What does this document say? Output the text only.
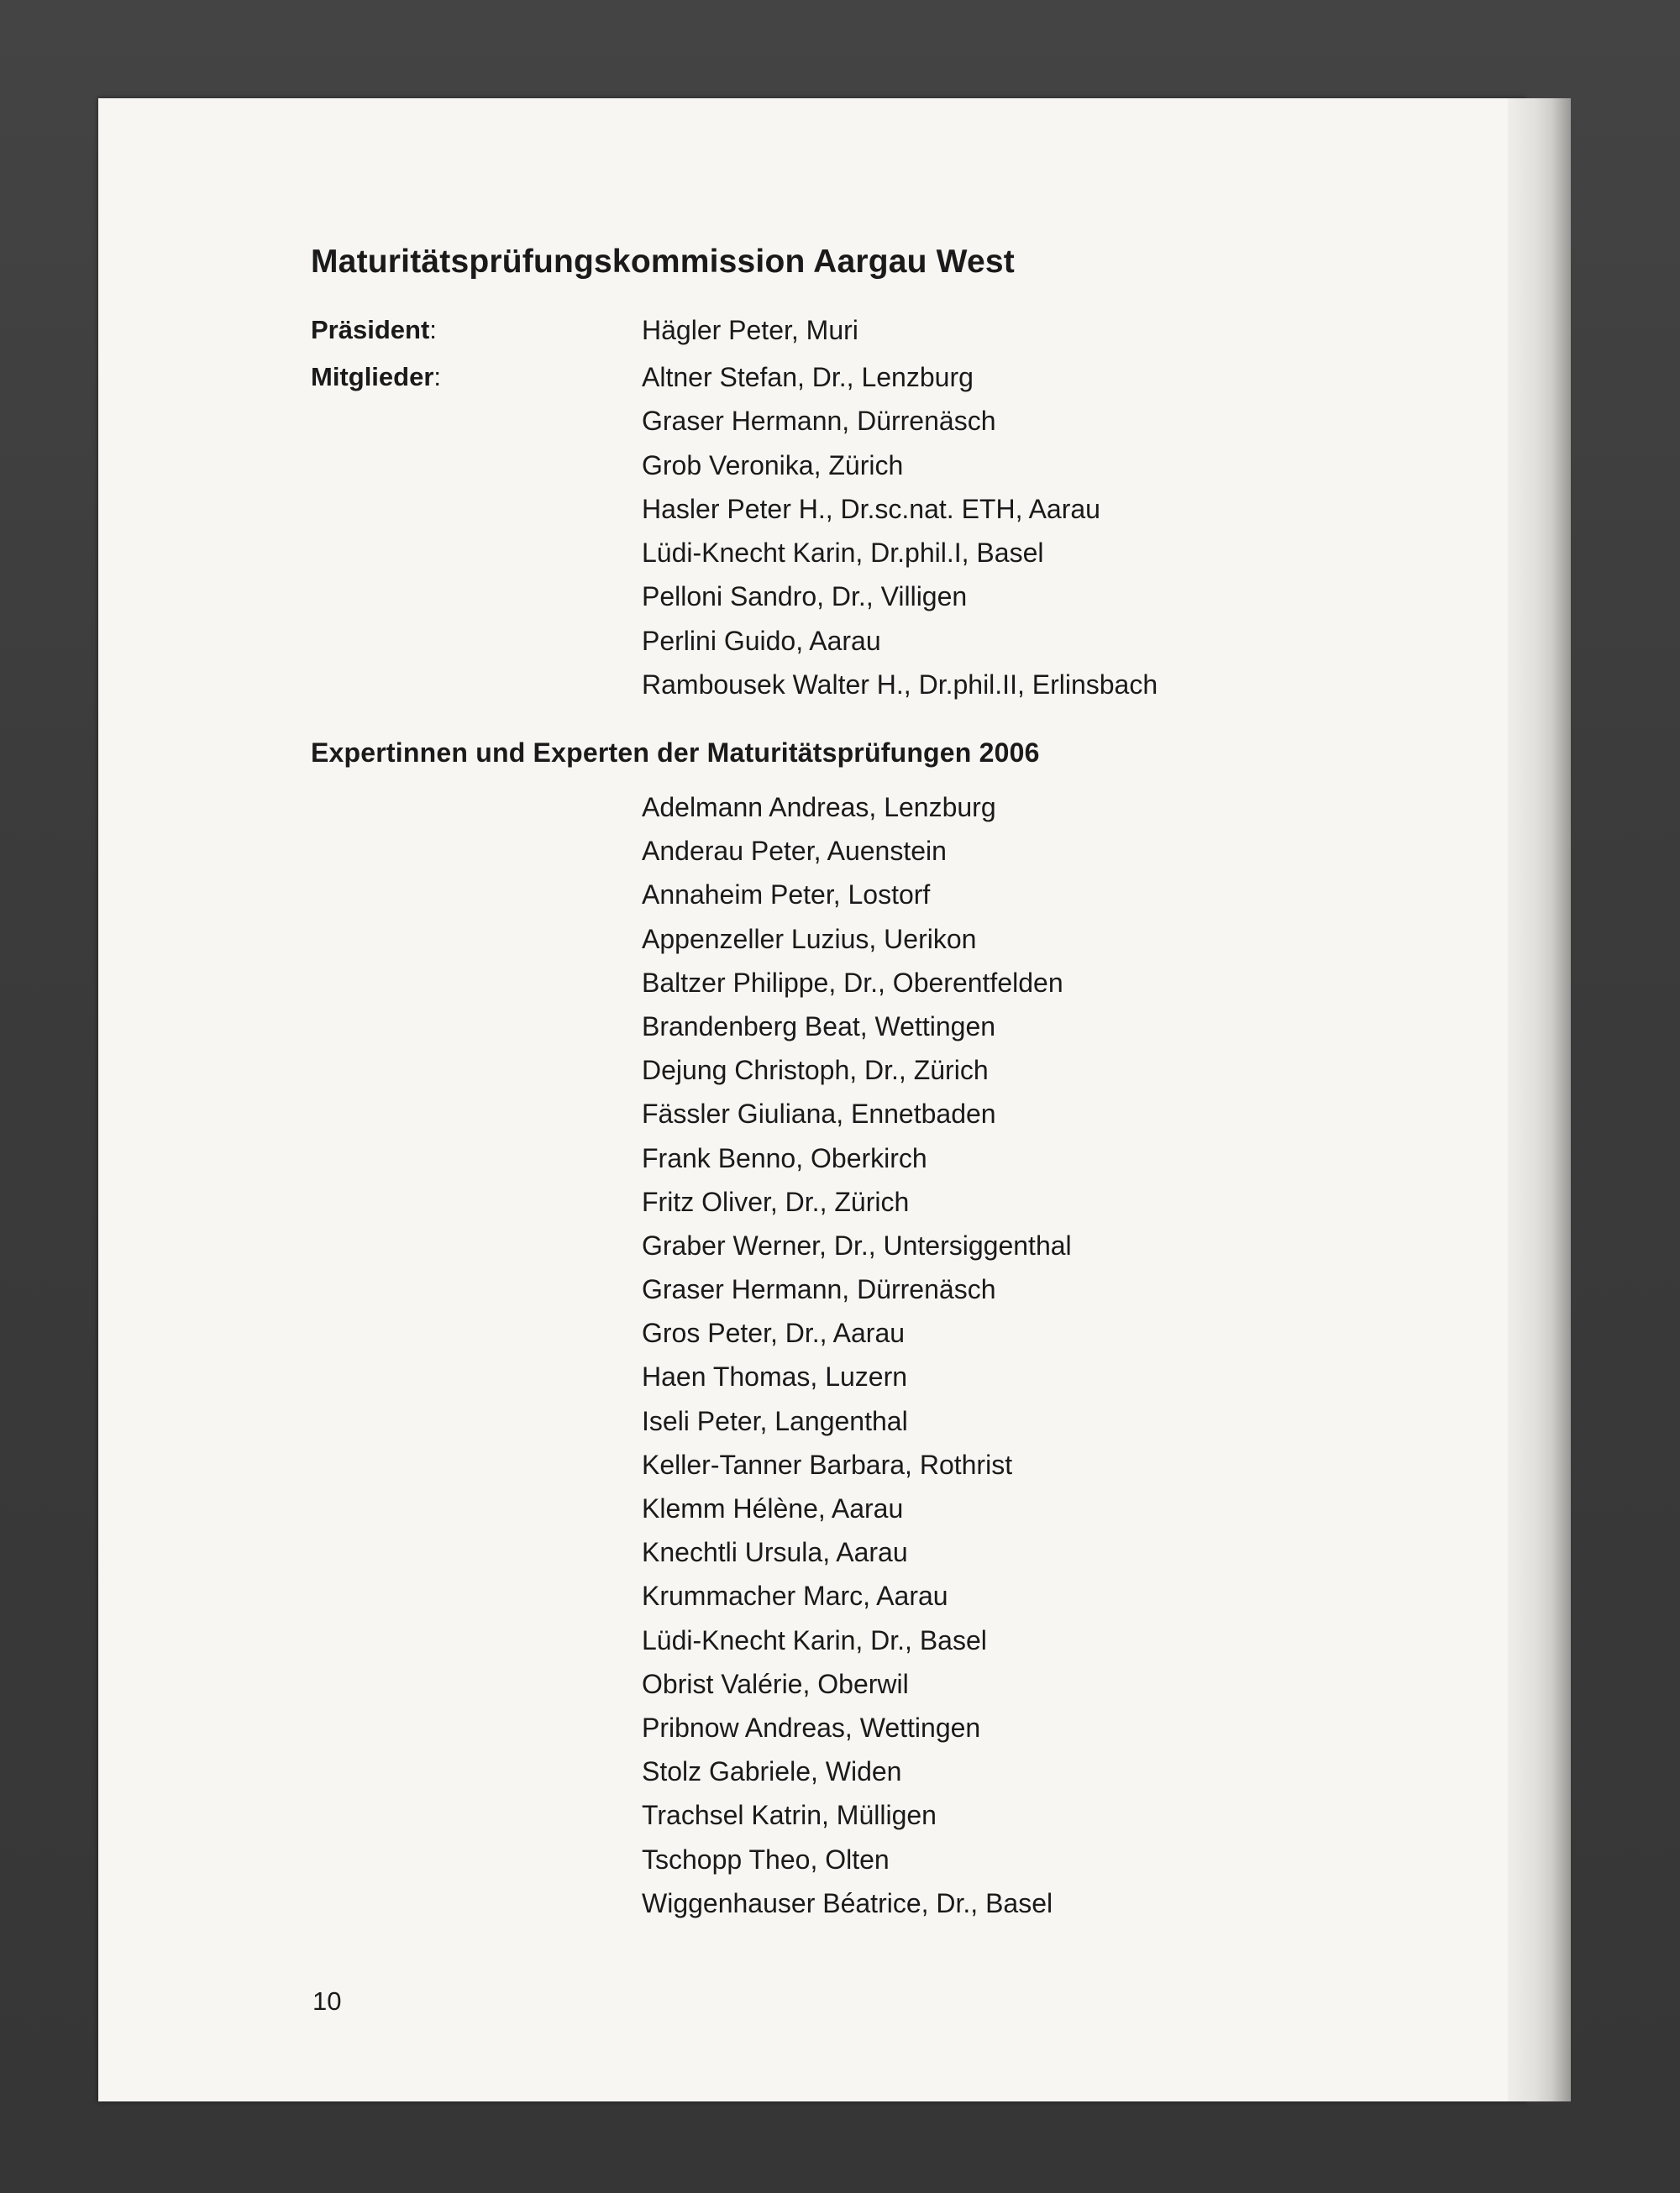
Maturitätsprüfungskommission Aargau West
Präsident:	Hägler Peter, Muri
Mitglieder:	Altner Stefan, Dr., Lenzburg
Graser Hermann, Dürrenäsch
Grob Veronika, Zürich
Hasler Peter H., Dr.sc.nat. ETH, Aarau
Lüdi-Knecht Karin, Dr.phil.I, Basel
Pelloni Sandro, Dr., Villigen
Perlini Guido, Aarau
Rambousek Walter H., Dr.phil.II, Erlinsbach
Expertinnen und Experten der Maturitätsprüfungen 2006
Adelmann Andreas, Lenzburg
Anderau Peter, Auenstein
Annaheim Peter, Lostorf
Appenzeller Luzius, Uerikon
Baltzer Philippe, Dr., Oberentfelden
Brandenberg Beat, Wettingen
Dejung Christoph, Dr., Zürich
Fässler Giuliana, Ennetbaden
Frank Benno, Oberkirch
Fritz Oliver, Dr., Zürich
Graber Werner, Dr., Untersiggenthal
Graser Hermann, Dürrenäsch
Gros Peter, Dr., Aarau
Haen Thomas, Luzern
Iseli Peter, Langenthal
Keller-Tanner Barbara, Rothrist
Klemm Hélène, Aarau
Knechtli Ursula, Aarau
Krummacher Marc, Aarau
Lüdi-Knecht Karin, Dr., Basel
Obrist Valérie, Oberwil
Pribnow Andreas, Wettingen
Stolz Gabriele, Widen
Trachsel Katrin, Mülligen
Tschopp Theo, Olten
Wiggenhauser Béatrice, Dr., Basel
10
